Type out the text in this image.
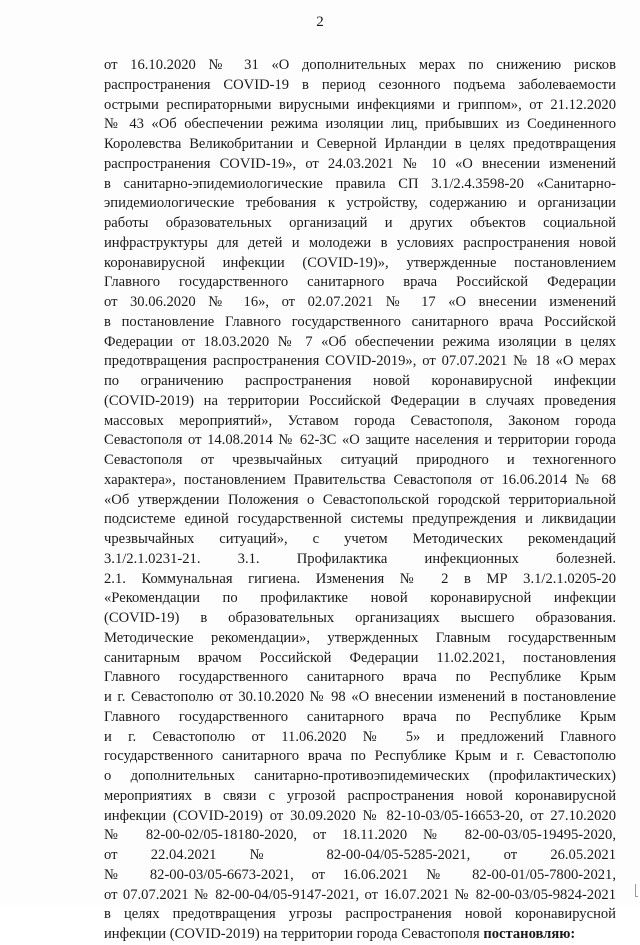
2
от 16.10.2020 № 31 «О дополнительных мерах по снижению рисков
распространения COVID-19 в период сезонного подъема заболеваемости
острыми респираторными вирусными инфекциями и гриппом», от 21.12.2020
№ 43 «Об обеспечении режима изоляции лиц, прибывших из Соединенного
Королевства Великобритании и Северной Ирландии в целях предотвращения
распространения COVID-19», от 24.03.2021 № 10 «О внесении изменений
в санитарно-эпидемиологические правила СП 3.1/2.4.3598-20 «Санитарно-
эпидемиологические требования к устройству, содержанию и организации
работы образовательных организаций и других объектов социальной
инфраструктуры для детей и молодежи в условиях распространения новой
коронавирусной инфекции (COVID-19)», утвержденные постановлением
Главного государственного санитарного врача Российской Федерации
от 30.06.2020 № 16», от 02.07.2021 № 17 «О внесении изменений
в постановление Главного государственного санитарного врача Российской
Федерации от 18.03.2020 № 7 «Об обеспечении режима изоляции в целях
предотвращения распространения COVID-2019», от 07.07.2021 № 18 «О мерах
по ограничению распространения новой коронавирусной инфекции
(COVID-2019) на территории Российской Федерации в случаях проведения
массовых мероприятий», Уставом города Севастополя, Законом города
Севастополя от 14.08.2014 № 62-ЗС «О защите населения и территории города
Севастополя от чрезвычайных ситуаций природного и техногенного
характера», постановлением Правительства Севастополя от 16.06.2014 № 68
«Об утверждении Положения о Севастопольской городской территориальной
подсистеме единой государственной системы предупреждения и ликвидации
чрезвычайных ситуаций», с учетом Методических рекомендаций
3.1/2.1.0231-21. 3.1. Профилактика инфекционных болезней.
2.1. Коммунальная гигиена. Изменения № 2 в МР 3.1/2.1.0205-20
«Рекомендации по профилактике новой коронавирусной инфекции
(COVID-19) в образовательных организациях высшего образования.
Методические рекомендации», утвержденных Главным государственным
санитарным врачом Российской Федерации 11.02.2021, постановления
Главного государственного санитарного врача по Республике Крым
и г. Севастополю от 30.10.2020 № 98 «О внесении изменений в постановление
Главного государственного санитарного врача по Республике Крым
и г. Севастополю от 11.06.2020 № 5» и предложений Главного
государственного санитарного врача по Республике Крым и г. Севастополю
о дополнительных санитарно-противоэпидемических (профилактических)
мероприятиях в связи с угрозой распространения новой коронавирусной
инфекции (COVID-2019) от 30.09.2020 № 82-10-03/05-16653-20, от 27.10.2020
№ 82-00-02/05-18180-2020, от 18.11.2020 № 82-00-03/05-19495-2020,
от 22.04.2021 № 82-00-04/05-5285-2021, от 26.05.2021
№ 82-00-03/05-6673-2021, от 16.06.2021 № 82-00-01/05-7800-2021,
от 07.07.2021 № 82-00-04/05-9147-2021, от 16.07.2021 № 82-00-03/05-9824-2021
в целях предотвращения угрозы распространения новой коронавирусной
инфекции (COVID-2019) на территории города Севастополя постановляю:
